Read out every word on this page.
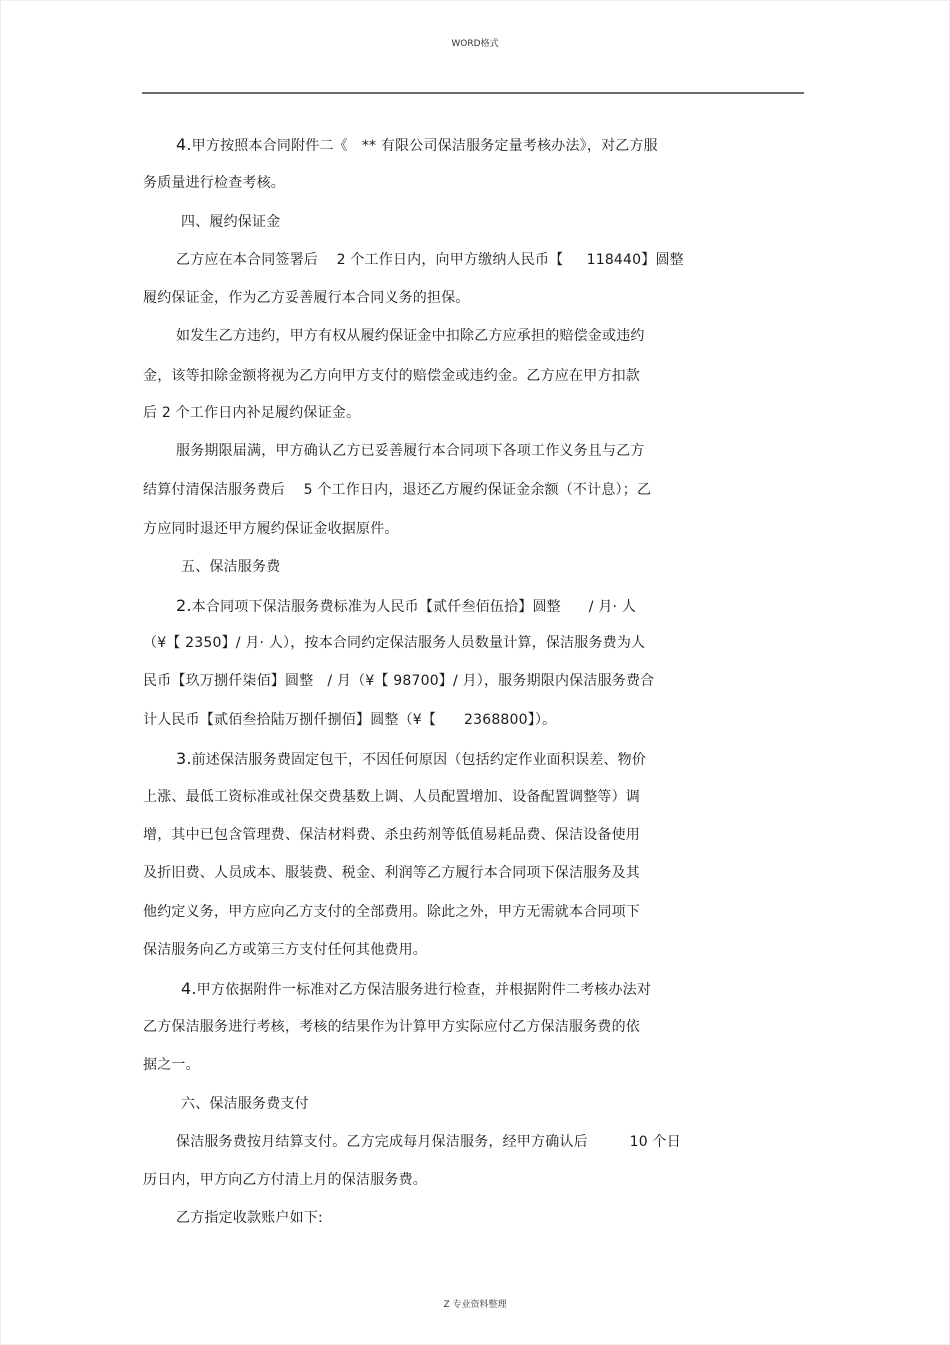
WORD格式
4.甲方按照本合同附件二《   ** 有限公司保洁服务定量考核办法》，对乙方服
务质量进行检查考核。
四、履约保证金
乙方应在本合同签署后    2 个工作日内，向甲方缴纳人民币【     118440】圆整
履约保证金，作为乙方妥善履行本合同义务的担保。
如发生乙方违约，甲方有权从履约保证金中扣除乙方应承担的赔偿金或违约
金，该等扣除金额将视为乙方向甲方支付的赔偿金或违约金。乙方应在甲方扣款
后 2 个工作日内补足履约保证金。
服务期限届满，甲方确认乙方已妥善履行本合同项下各项工作义务且与乙方
结算付清保洁服务费后    5 个工作日内，退还乙方履约保证金余额（不计息）；乙
方应同时退还甲方履约保证金收据原件。
五、保洁服务费
2.本合同项下保洁服务费标准为人民币【贰仟叁佰伍拾】圆整      / 月· 人
（¥【 2350】/ 月· 人），按本合同约定保洁服务人员数量计算，保洁服务费为人
民币【玖万捌仟柒佰】圆整   / 月（¥【 98700】/ 月），服务期限内保洁服务费合
计人民币【贰佰叁拾陆万捌仟捌佰】圆整（¥【      2368800】）。
3.前述保洁服务费固定包干，不因任何原因（包括约定作业面积误差、物价
上涨、最低工资标准或社保交费基数上调、人员配置增加、设备配置调整等）调
增，其中已包含管理费、保洁材料费、杀虫药剂等低值易耗品费、保洁设备使用
及折旧费、人员成本、服装费、税金、利润等乙方履行本合同项下保洁服务及其
他约定义务，甲方应向乙方支付的全部费用。除此之外，甲方无需就本合同项下
保洁服务向乙方或第三方支付任何其他费用。
4.甲方依据附件一标准对乙方保洁服务进行检查，并根据附件二考核办法对
乙方保洁服务进行考核，考核的结果作为计算甲方实际应付乙方保洁服务费的依
据之一。
六、保洁服务费支付
保洁服务费按月结算支付。乙方完成每月保洁服务，经甲方确认后         10 个日
历日内，甲方向乙方付清上月的保洁服务费。
乙方指定收款账户如下:
Z 专业资料整理
